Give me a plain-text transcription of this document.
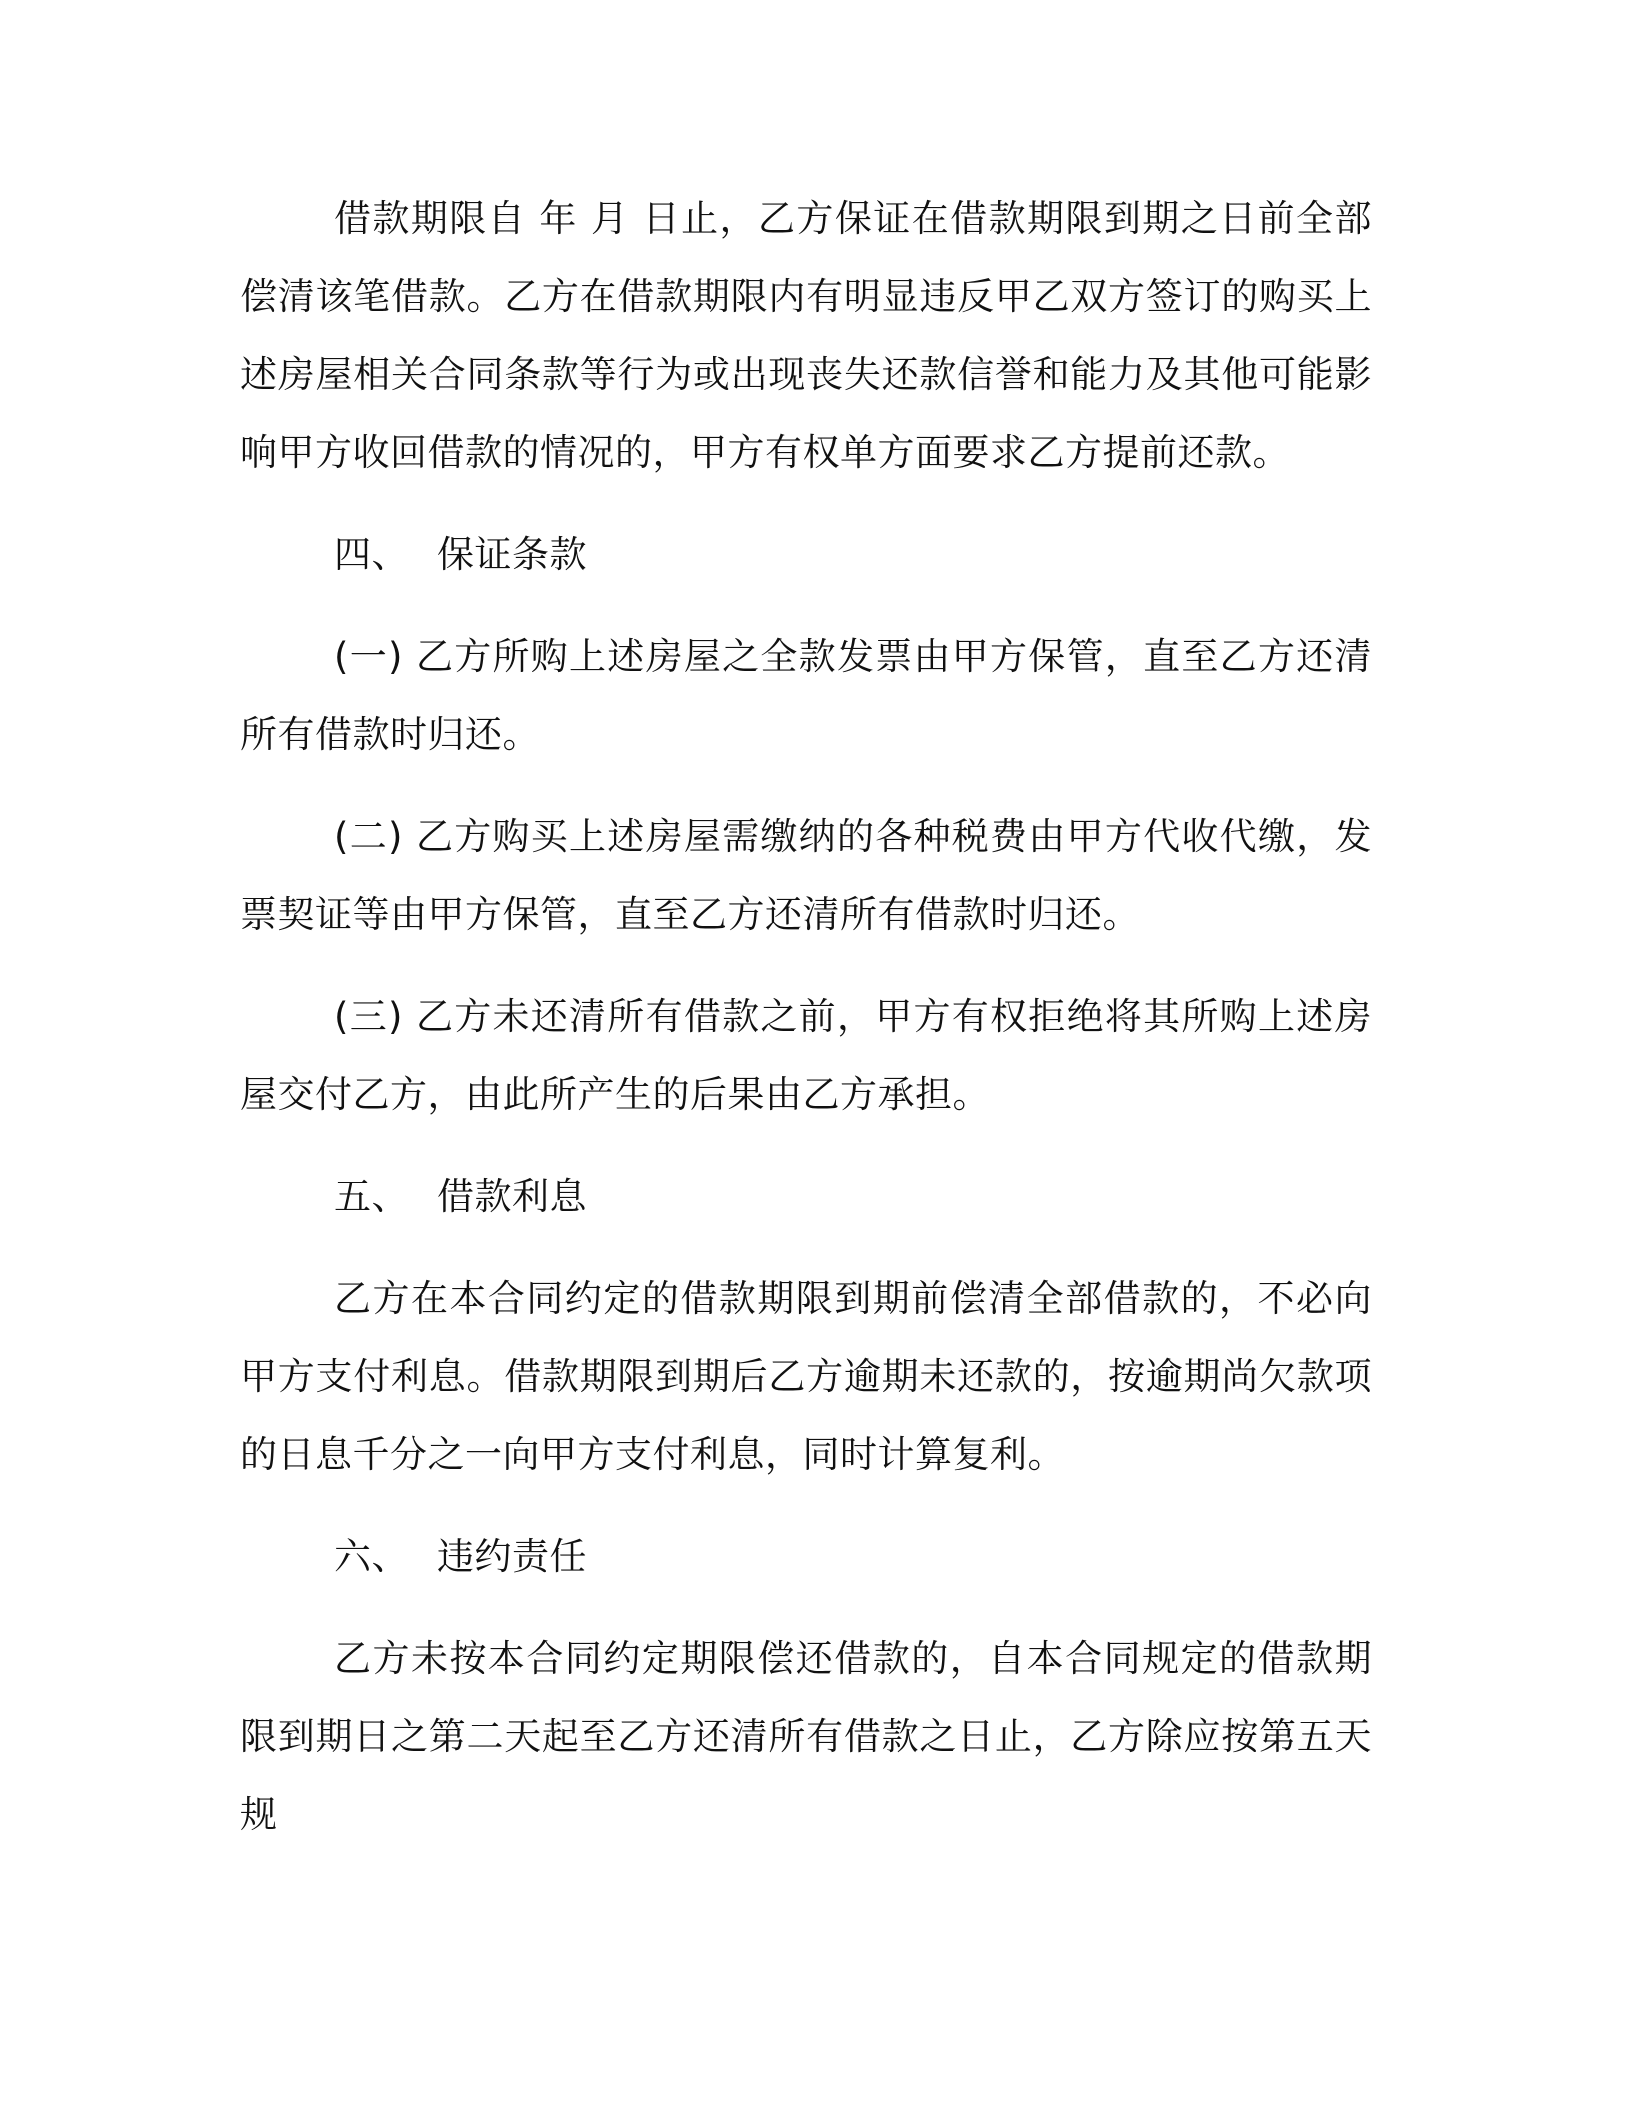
借款期限自 年 月 日止，乙方保证在借款期限到期之日前全部偿清该笔借款。乙方在借款期限内有明显违反甲乙双方签订的购买上述房屋相关合同条款等行为或出现丧失还款信誉和能力及其他可能影响甲方收回借款的情况的，甲方有权单方面要求乙方提前还款。

四、 保证条款

(一) 乙方所购上述房屋之全款发票由甲方保管，直至乙方还清所有借款时归还。

(二) 乙方购买上述房屋需缴纳的各种税费由甲方代收代缴，发票契证等由甲方保管，直至乙方还清所有借款时归还。

(三) 乙方未还清所有借款之前，甲方有权拒绝将其所购上述房屋交付乙方，由此所产生的后果由乙方承担。

五、 借款利息

乙方在本合同约定的借款期限到期前偿清全部借款的，不必向甲方支付利息。借款期限到期后乙方逾期未还款的，按逾期尚欠款项的日息千分之一向甲方支付利息，同时计算复利。

六、 违约责任

乙方未按本合同约定期限偿还借款的，自本合同规定的借款期限到期日之第二天起至乙方还清所有借款之日止，乙方除应按第五天规
